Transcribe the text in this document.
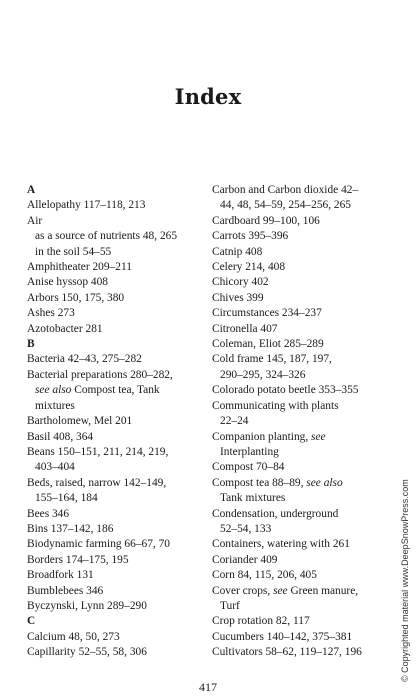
Index
A
Allelopathy 117–118, 213
Air
as a source of nutrients 48, 265
in the soil 54–55
Amphitheater 209–211
Anise hyssop 408
Arbors 150, 175, 380
Ashes 273
Azotobacter 281
B
Bacteria 42–43, 275–282
Bacterial preparations 280–282,
see also Compost tea, Tank
mixtures
Bartholomew, Mel 201
Basil 408, 364
Beans 150–151, 211, 214, 219,
403–404
Beds, raised, narrow 142–149,
155–164, 184
Bees 346
Bins 137–142, 186
Biodynamic farming 66–67, 70
Borders 174–175, 195
Broadfork 131
Bumblebees 346
Byczynski, Lynn 289–290
C
Calcium 48, 50, 273
Capillarity 52–55, 58, 306
Carbon and Carbon dioxide 42–
44, 48, 54–59, 254–256, 265
Cardboard 99–100, 106
Carrots 395–396
Catnip 408
Celery 214, 408
Chicory 402
Chives 399
Circumstances 234–237
Citronella 407
Coleman, Eliot 285–289
Cold frame 145, 187, 197,
290–295, 324–326
Colorado potato beetle 353–355
Communicating with plants
22–24
Companion planting, see
Interplanting
Compost 70–84
Compost tea 88–89, see also
Tank mixtures
Condensation, underground
52–54, 133
Containers, watering with 261
Coriander 409
Corn 84, 115, 206, 405
Cover crops, see Green manure,
Turf
Crop rotation 82, 117
Cucumbers 140–142, 375–381
Cultivators 58–62, 119–127, 196
417
© Copyrighted material www.DeepSnowPress.com
